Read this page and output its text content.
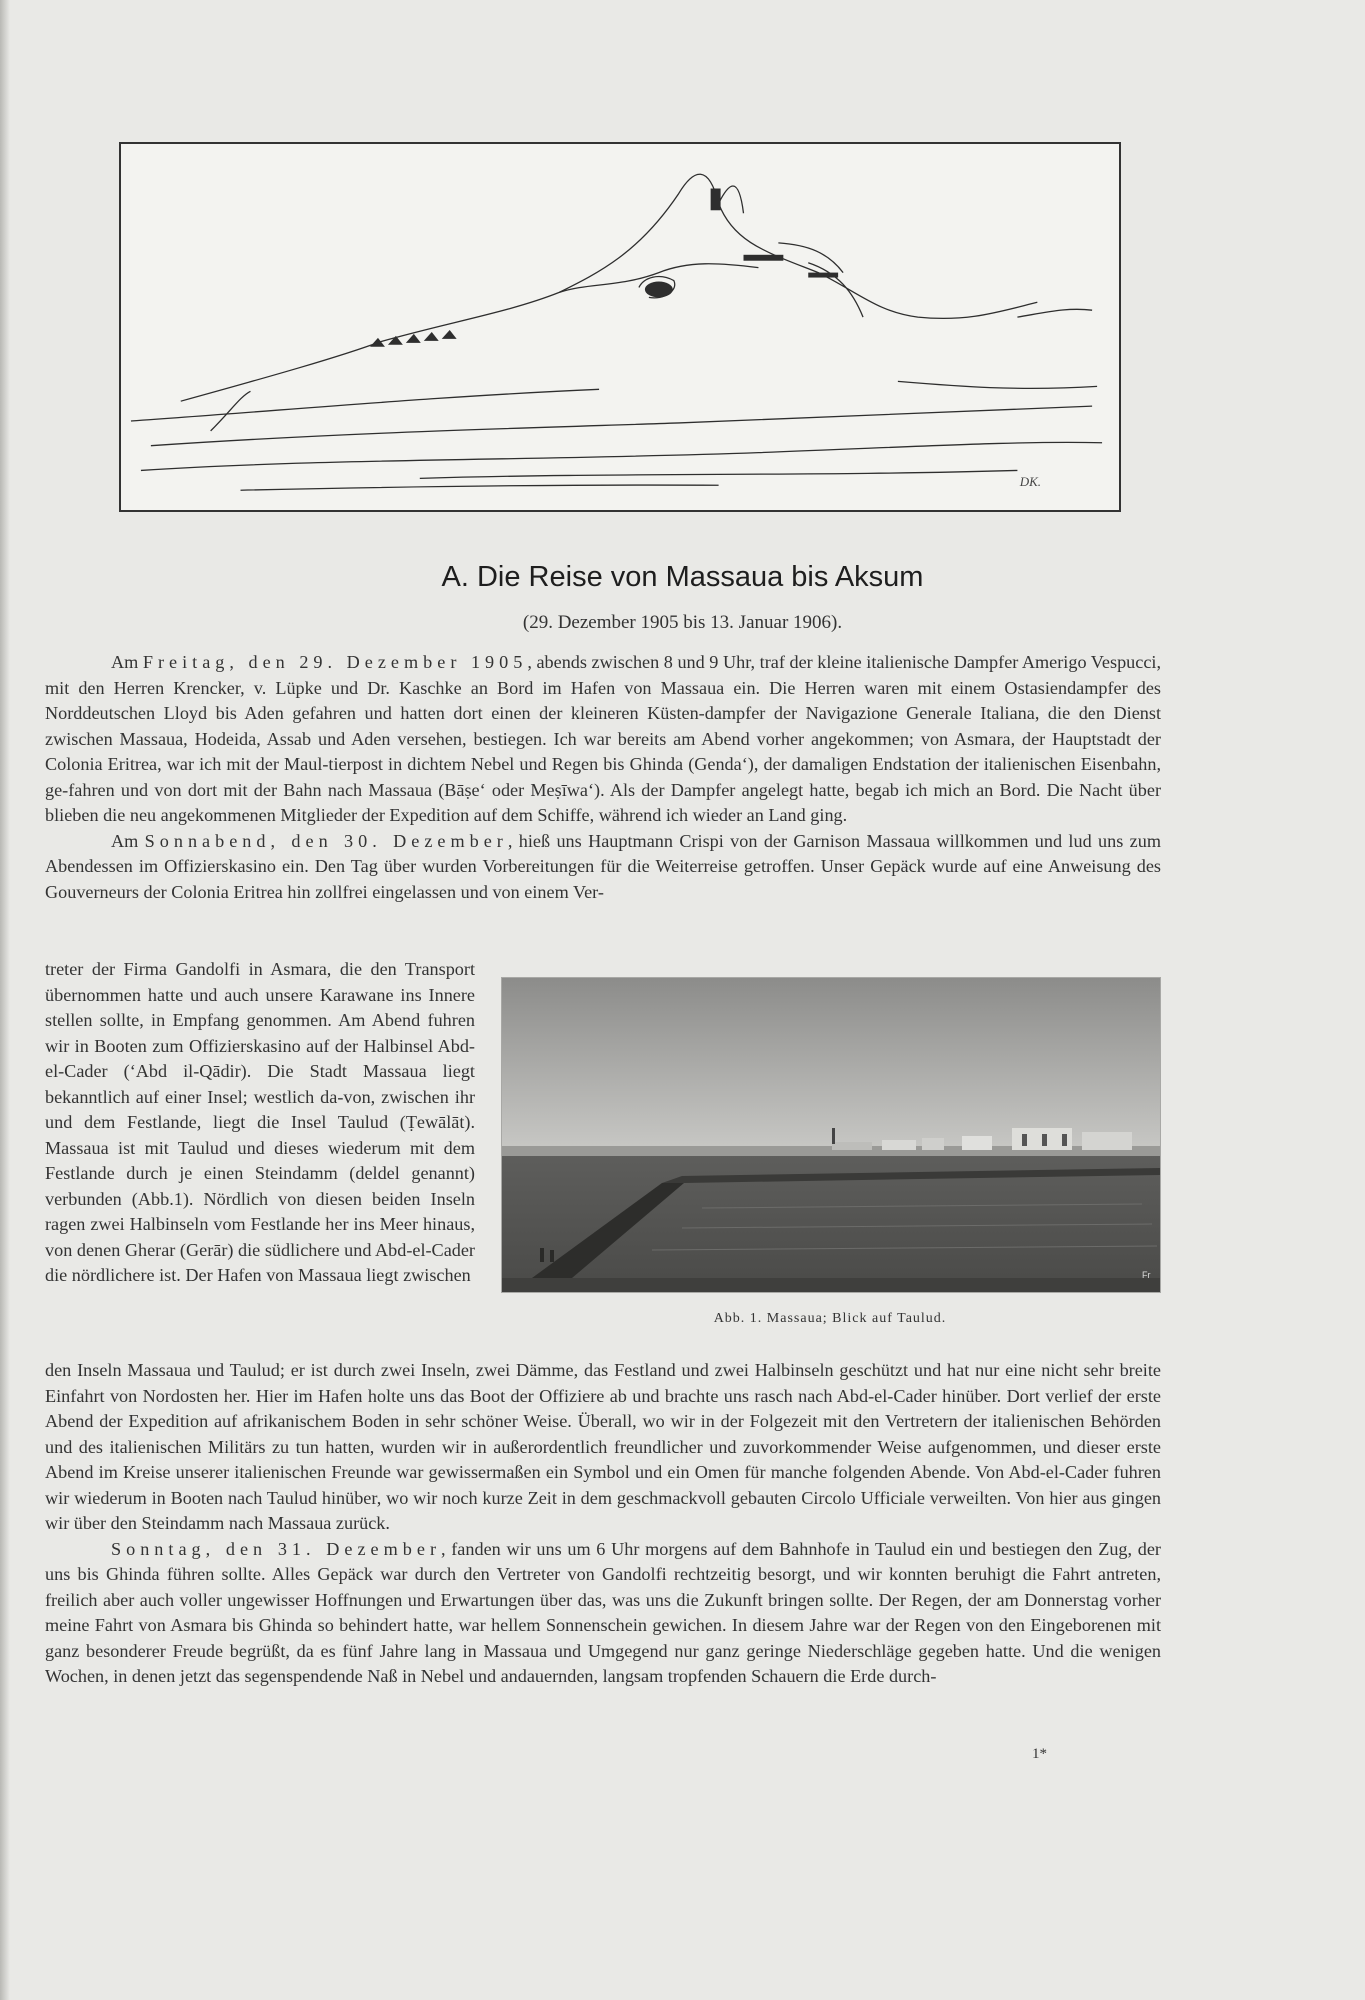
DK.
A. Die Reise von Massaua bis Aksum
(29. Dezember 1905 bis 13. Januar 1906).

Am Freitag, den 29. Dezember 1905, abends zwischen 8 und 9 Uhr, traf der kleine italienische Dampfer Amerigo Vespucci, mit den Herren Krencker, v. Lüpke und Dr. Kaschke an Bord im Hafen von Massaua ein. Die Herren waren mit einem Ostasiendampfer des Norddeutschen Lloyd bis Aden gefahren und hatten dort einen der kleineren Küsten-dampfer der Navigazione Generale Italiana, die den Dienst zwischen Massaua, Hodeida, Assab und Aden versehen, bestiegen. Ich war bereits am Abend vorher angekommen; von Asmara, der Hauptstadt der Colonia Eritrea, war ich mit der Maul-tierpost in dichtem Nebel und Regen bis Ghinda (Genda‘), der damaligen Endstation der italienischen Eisenbahn, ge-fahren und von dort mit der Bahn nach Massaua (Bāṣe‘ oder Meṣīwa‘). Als der Dampfer angelegt hatte, begab ich mich an Bord. Die Nacht über blieben die neu angekommenen Mitglieder der Expedition auf dem Schiffe, während ich wieder an Land ging.

Am Sonnabend, den 30. Dezember, hieß uns Hauptmann Crispi von der Garnison Massaua willkommen und lud uns zum Abendessen im Offizierskasino ein. Den Tag über wurden Vorbereitungen für die Weiterreise getroffen. Unser Gepäck wurde auf eine Anweisung des Gouverneurs der Colonia Eritrea hin zollfrei eingelassen und von einem Ver-

treter der Firma Gandolfi in Asmara, die den Transport übernommen hatte und auch unsere Karawane ins Innere stellen sollte, in Empfang genommen. Am Abend fuhren wir in Booten zum Offizierskasino auf der Halbinsel Abd-el-Cader (‘Abd il-Qādir). Die Stadt Massaua liegt bekanntlich auf einer Insel; westlich da-von, zwischen ihr und dem Festlande, liegt die Insel Taulud (Ṭewālāt). Massaua ist mit Taulud und dieses wiederum mit dem Festlande durch je einen Steindamm (deldel genannt) verbunden (Abb.1). Nördlich von diesen beiden Inseln ragen zwei Halbinseln vom Festlande her ins Meer hinaus, von denen Gherar (Gerār) die südlichere und Abd-el-Cader die nördlichere ist. Der Hafen von Massaua liegt zwischen	Fr
Abb. 1. Massaua; Blick auf Taulud.

den Inseln Massaua und Taulud; er ist durch zwei Inseln, zwei Dämme, das Festland und zwei Halbinseln geschützt und hat nur eine nicht sehr breite Einfahrt von Nordosten her. Hier im Hafen holte uns das Boot der Offiziere ab und brachte uns rasch nach Abd-el-Cader hinüber. Dort verlief der erste Abend der Expedition auf afrikanischem Boden in sehr schöner Weise. Überall, wo wir in der Folgezeit mit den Vertretern der italienischen Behörden und des italienischen Militärs zu tun hatten, wurden wir in außerordentlich freundlicher und zuvorkommender Weise aufgenommen, und dieser erste Abend im Kreise unserer italienischen Freunde war gewissermaßen ein Symbol und ein Omen für manche folgenden Abende. Von Abd-el-Cader fuhren wir wiederum in Booten nach Taulud hinüber, wo wir noch kurze Zeit in dem geschmackvoll gebauten Circolo Ufficiale verweilten. Von hier aus gingen wir über den Steindamm nach Massaua zurück.

Sonntag, den 31. Dezember, fanden wir uns um 6 Uhr morgens auf dem Bahnhofe in Taulud ein und bestiegen den Zug, der uns bis Ghinda führen sollte. Alles Gepäck war durch den Vertreter von Gandolfi rechtzeitig besorgt, und wir konnten beruhigt die Fahrt antreten, freilich aber auch voller ungewisser Hoffnungen und Erwartungen über das, was uns die Zukunft bringen sollte. Der Regen, der am Donnerstag vorher meine Fahrt von Asmara bis Ghinda so behindert hatte, war hellem Sonnenschein gewichen. In diesem Jahre war der Regen von den Eingeborenen mit ganz besonderer Freude begrüßt, da es fünf Jahre lang in Massaua und Umgegend nur ganz geringe Niederschläge gegeben hatte. Und die wenigen Wochen, in denen jetzt das segenspendende Naß in Nebel und andauernden, langsam tropfenden Schauern die Erde durch-

1*
